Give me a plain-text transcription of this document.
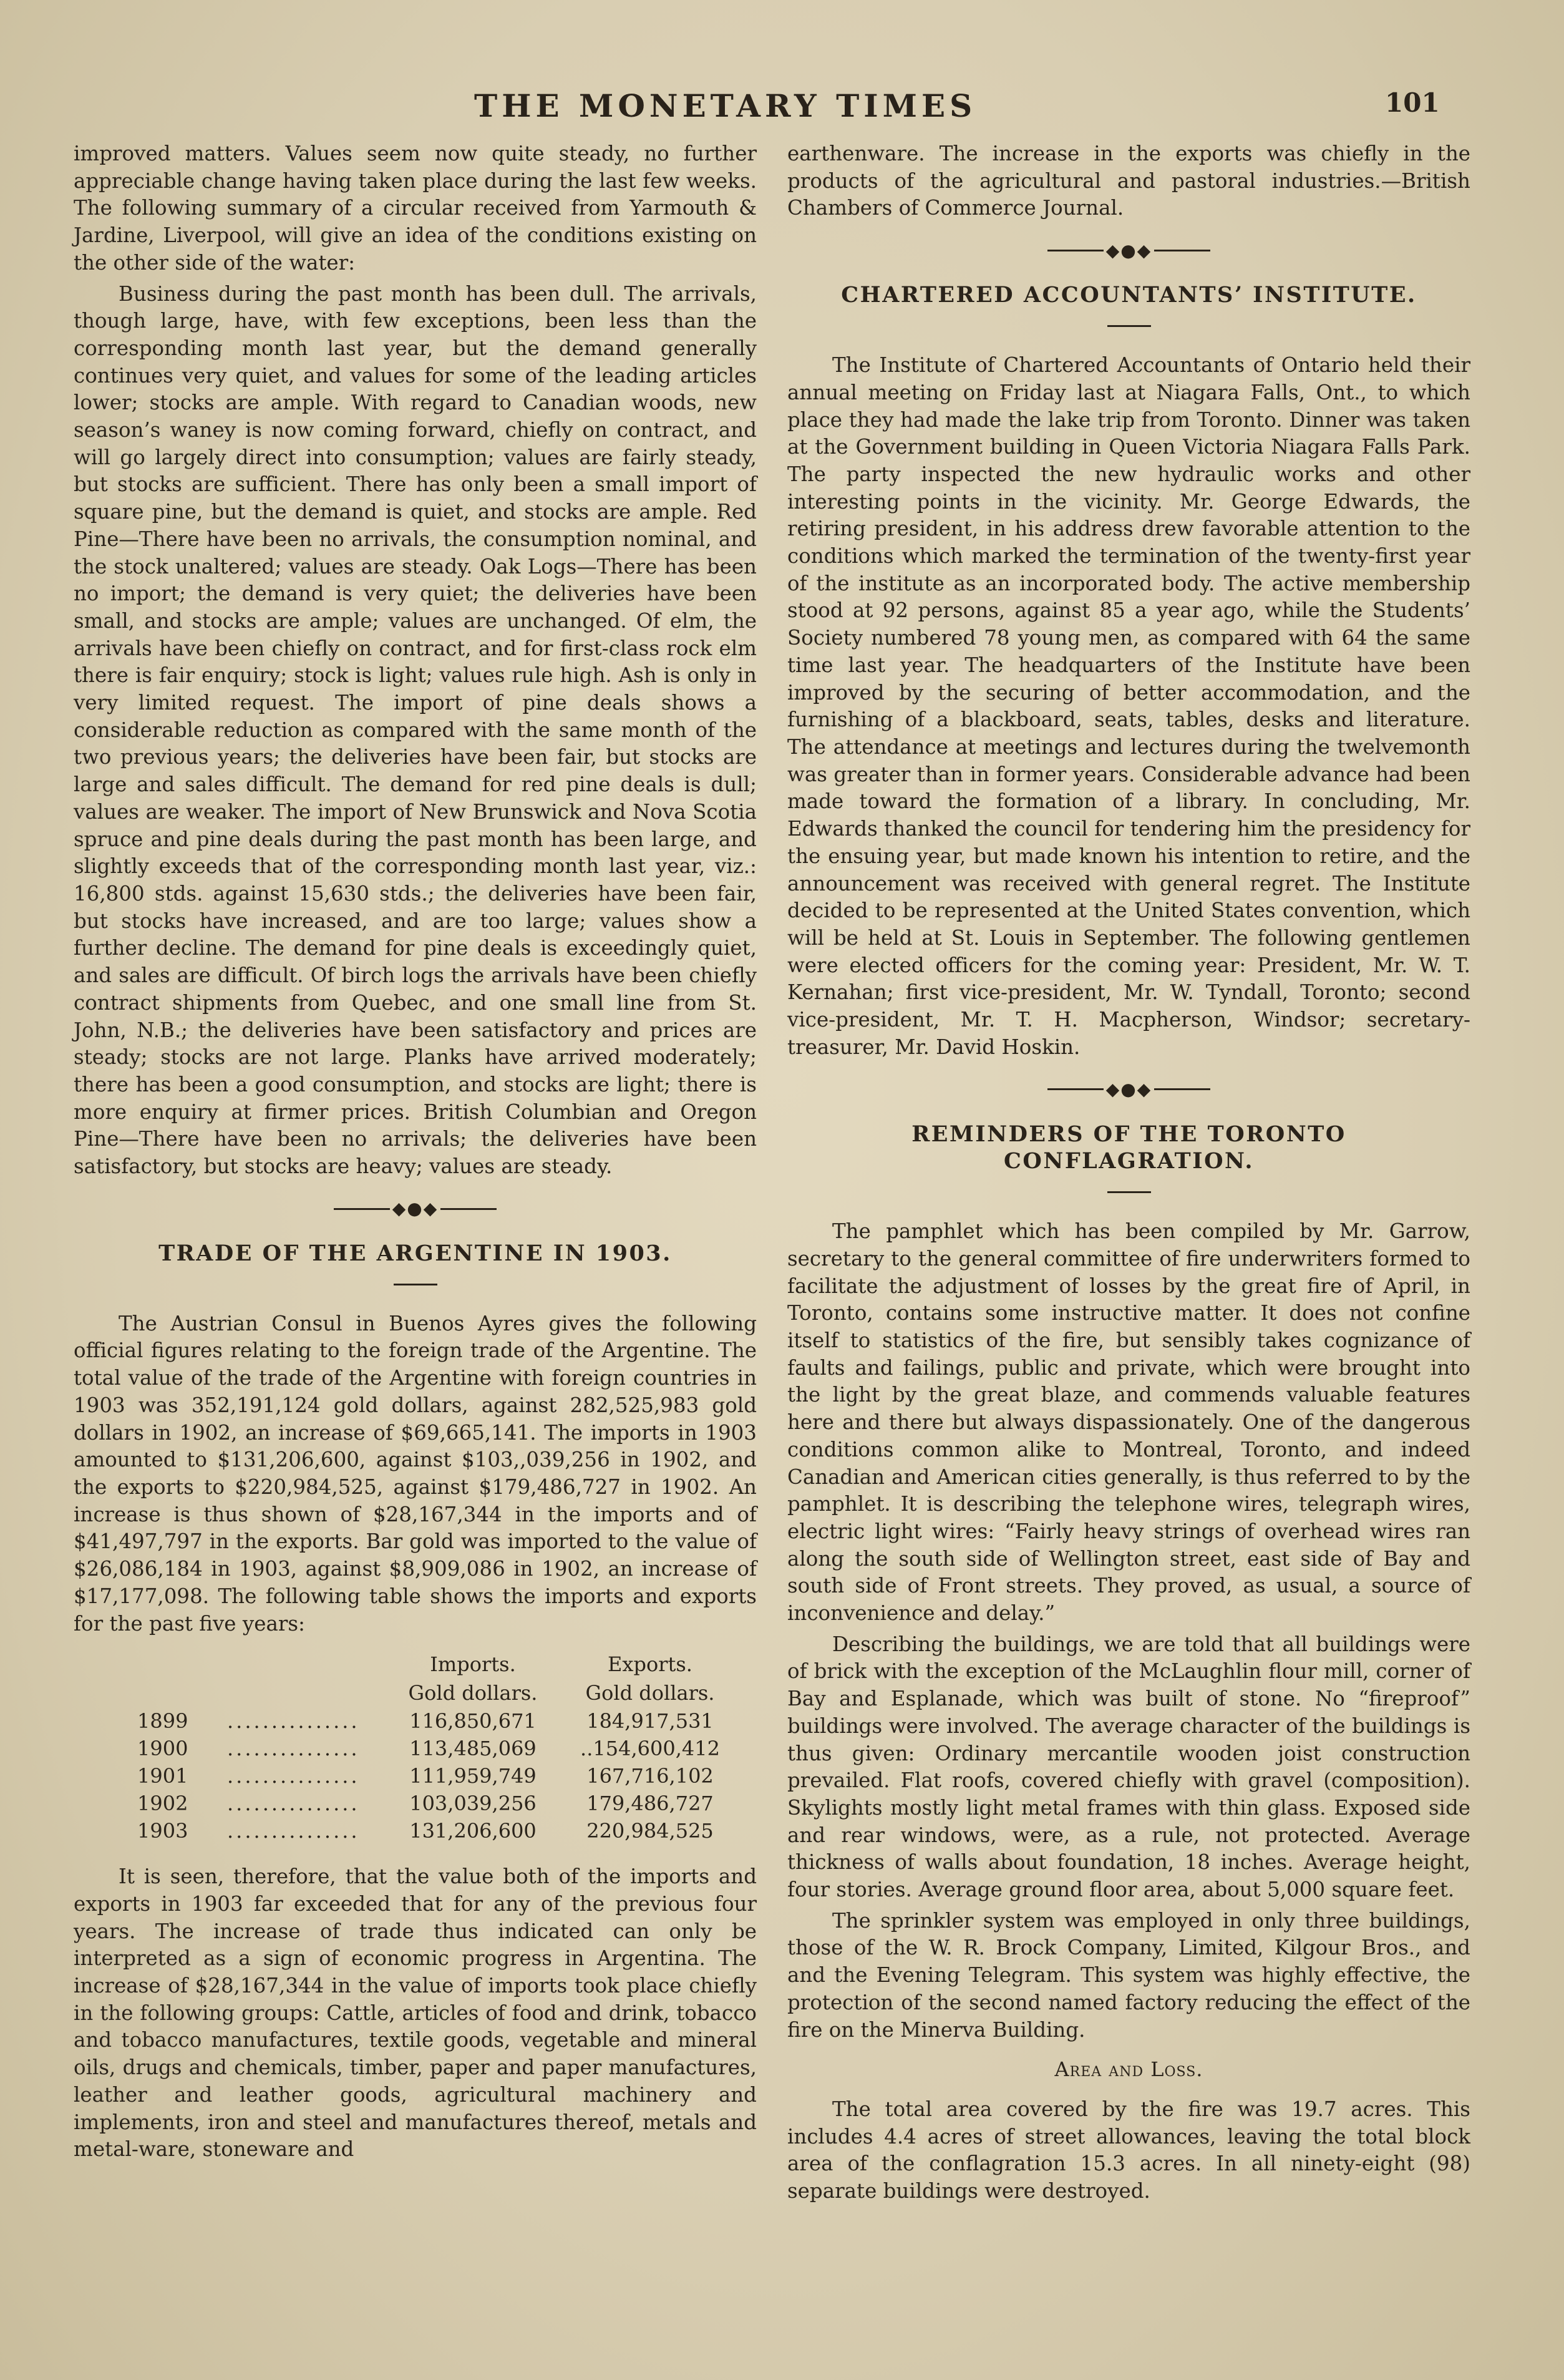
THE MONETARY TIMES	101

improved matters. Values seem now quite steady, no further appreciable change having taken place during the last few weeks. The following summary of a circular received from Yarmouth & Jardine, Liverpool, will give an idea of the conditions existing on the other side of the water:

Business during the past month has been dull. The arrivals, though large, have, with few exceptions, been less than the corresponding month last year, but the demand generally continues very quiet, and values for some of the leading articles lower; stocks are ample. With regard to Canadian woods, new season’s waney is now coming forward, chiefly on contract, and will go largely direct into consumption; values are fairly steady, but stocks are sufficient. There has only been a small import of square pine, but the demand is quiet, and stocks are ample. Red Pine—There have been no arrivals, the consumption nominal, and the stock unaltered; values are steady. Oak Logs—There has been no import; the demand is very quiet; the deliveries have been small, and stocks are ample; values are unchanged. Of elm, the arrivals have been chiefly on contract, and for first-class rock elm there is fair enquiry; stock is light; values rule high. Ash is only in very limited request. The import of pine deals shows a considerable reduction as compared with the same month of the two previous years; the deliveries have been fair, but stocks are large and sales difficult. The demand for red pine deals is dull; values are weaker. The import of New Brunswick and Nova Scotia spruce and pine deals during the past month has been large, and slightly exceeds that of the corresponding month last year, viz.: 16,800 stds. against 15,630 stds.; the deliveries have been fair, but stocks have increased, and are too large; values show a further decline. The demand for pine deals is exceedingly quiet, and sales are difficult. Of birch logs the arrivals have been chiefly contract shipments from Quebec, and one small line from St. John, N.B.; the deliveries have been satisfactory and prices are steady; stocks are not large. Planks have arrived moderately; there has been a good consumption, and stocks are light; there is more enquiry at firmer prices. British Columbian and Oregon Pine—There have been no arrivals; the deliveries have been satisfactory, but stocks are heavy; values are steady.

◆●◆
TRADE OF THE ARGENTINE IN 1903.

The Austrian Consul in Buenos Ayres gives the following official figures relating to the foreign trade of the Argentine. The total value of the trade of the Argentine with foreign countries in 1903 was 352,191,124 gold dollars, against 282,525,983 gold dollars in 1902, an increase of $69,665,141. The imports in 1903 amounted to $131,206,600, against $103,,039,256 in 1902, and the exports to $220,984,525, against $179,486,727 in 1902. An increase is thus shown of $28,167,344 in the imports and of $41,497,797 in the exports. Bar gold was imported to the value of $26,086,184 in 1903, against $8,909,086 in 1902, an increase of $17,177,098. The following table shows the imports and exports for the past five years:

		Imports.	Exports.
		Gold dollars.	Gold dollars.
1899	...............	116,850,671	184,917,531
1900	...............	113,485,069	..154,600,412
1901	...............	111,959,749	167,716,102
1902	...............	103,039,256	179,486,727
1903	...............	131,206,600	220,984,525

It is seen, therefore, that the value both of the imports and exports in 1903 far exceeded that for any of the previous four years. The increase of trade thus indicated can only be interpreted as a sign of economic progress in Argentina. The increase of $28,167,344 in the value of imports took place chiefly in the following groups: Cattle, articles of food and drink, tobacco and tobacco manufactures, textile goods, vegetable and mineral oils, drugs and chemicals, timber, paper and paper manufactures, leather and leather goods, agricultural machinery and implements, iron and steel and manufactures thereof, metals and metal-ware, stoneware and

earthenware. The increase in the exports was chiefly in the products of the agricultural and pastoral industries.—British Chambers of Commerce Journal.

◆●◆
CHARTERED ACCOUNTANTS’ INSTITUTE.

The Institute of Chartered Accountants of Ontario held their annual meeting on Friday last at Niagara Falls, Ont., to which place they had made the lake trip from Toronto. Dinner was taken at the Government building in Queen Victoria Niagara Falls Park. The party inspected the new hydraulic works and other interesting points in the vicinity. Mr. George Edwards, the retiring president, in his address drew favorable attention to the conditions which marked the termination of the twenty-first year of the institute as an incorporated body. The active membership stood at 92 persons, against 85 a year ago, while the Students’ Society numbered 78 young men, as compared with 64 the same time last year. The headquarters of the Institute have been improved by the securing of better accommodation, and the furnishing of a blackboard, seats, tables, desks and literature. The attendance at meetings and lectures during the twelvemonth was greater than in former years. Considerable advance had been made toward the formation of a library. In concluding, Mr. Edwards thanked the council for tendering him the presidency for the ensuing year, but made known his intention to retire, and the announcement was received with general regret. The Institute decided to be represented at the United States convention, which will be held at St. Louis in September. The following gentlemen were elected officers for the coming year: President, Mr. W. T. Kernahan; first vice-president, Mr. W. Tyndall, Toronto; second vice-president, Mr. T. H. Macpherson, Windsor; secretary-treasurer, Mr. David Hoskin.

◆●◆
REMINDERS OF THE TORONTO CONFLAGRATION.

The pamphlet which has been compiled by Mr. Garrow, secretary to the general committee of fire underwriters formed to facilitate the adjustment of losses by the great fire of April, in Toronto, contains some instructive matter. It does not confine itself to statistics of the fire, but sensibly takes cognizance of faults and failings, public and private, which were brought into the light by the great blaze, and commends valuable features here and there but always dispassionately. One of the dangerous conditions common alike to Montreal, Toronto, and indeed Canadian and American cities generally, is thus referred to by the pamphlet. It is describing the telephone wires, telegraph wires, electric light wires: “Fairly heavy strings of overhead wires ran along the south side of Wellington street, east side of Bay and south side of Front streets. They proved, as usual, a source of inconvenience and delay.”

Describing the buildings, we are told that all buildings were of brick with the exception of the McLaughlin flour mill, corner of Bay and Esplanade, which was built of stone. No “fireproof” buildings were involved. The average character of the buildings is thus given: Ordinary mercantile wooden joist construction prevailed. Flat roofs, covered chiefly with gravel (composition). Skylights mostly light metal frames with thin glass. Exposed side and rear windows, were, as a rule, not protected. Average thickness of walls about foundation, 18 inches. Average height, four stories. Average ground floor area, about 5,000 square feet.

The sprinkler system was employed in only three buildings, those of the W. R. Brock Company, Limited, Kilgour Bros., and and the Evening Telegram. This system was highly effective, the protection of the second named factory reducing the effect of the fire on the Minerva Building.

Area and Loss.

The total area covered by the fire was 19.7 acres. This includes 4.4 acres of street allowances, leaving the total block area of the conflagration 15.3 acres. In all ninety-eight (98) separate buildings were destroyed.
